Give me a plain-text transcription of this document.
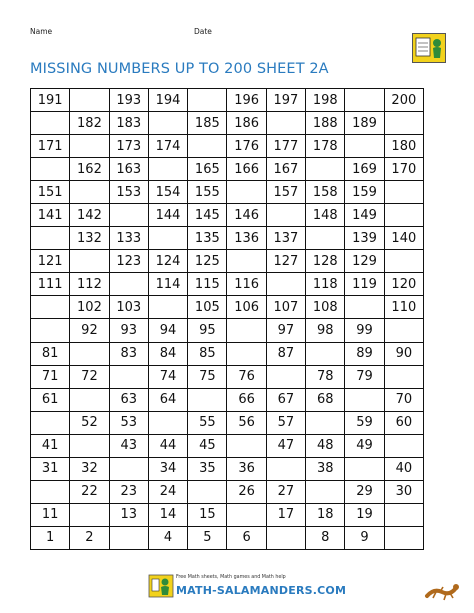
Name	Date
MISSING NUMBERS UP TO 200 SHEET 2A
191		193	194		196	197	198		200
	182	183		185	186		188	189	
171		173	174		176	177	178		180
	162	163		165	166	167		169	170
151		153	154	155		157	158	159	
141	142		144	145	146		148	149	
	132	133		135	136	137		139	140
121		123	124	125		127	128	129	
111	112		114	115	116		118	119	120
	102	103		105	106	107	108		110
	92	93	94	95		97	98	99	
81		83	84	85		87		89	90
71	72		74	75	76		78	79	
61		63	64		66	67	68		70
	52	53		55	56	57		59	60
41		43	44	45		47	48	49	
31	32		34	35	36		38		40
	22	23	24		26	27		29	30
11		13	14	15		17	18	19	
1	2		4	5	6		8	9	
Free Math sheets, Math games and Math help
MATH-SALAMANDERS.COM
